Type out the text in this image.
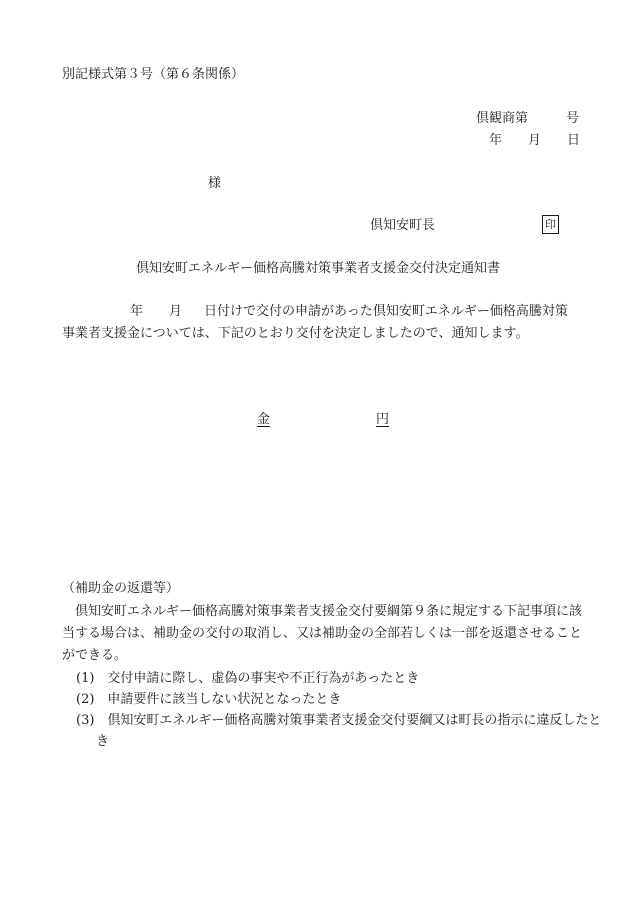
別記様式第３号（第６条関係）
倶観商第	号
年 月 日
様
倶知安町長	印
倶知安町エネルギー価格高騰対策事業者支援金交付決定通知書
年 月 日付けで交付の申請があった倶知安町エネルギー価格高騰対策
事業者支援金については、下記のとおり交付を決定しましたので、通知します。
金	円
（補助金の返還等）
倶知安町エネルギー価格高騰対策事業者支援金交付要綱第９条に規定する下記事項に該当する場合は、補助金の交付の取消し、又は補助金の全部若しくは一部を返還させることができる。
(1)　交付申請に際し、虚偽の事実や不正行為があったとき
(2)　申請要件に該当しない状況となったとき
(3)　倶知安町エネルギー価格高騰対策事業者支援金交付要綱又は町長の指示に違反したとき
